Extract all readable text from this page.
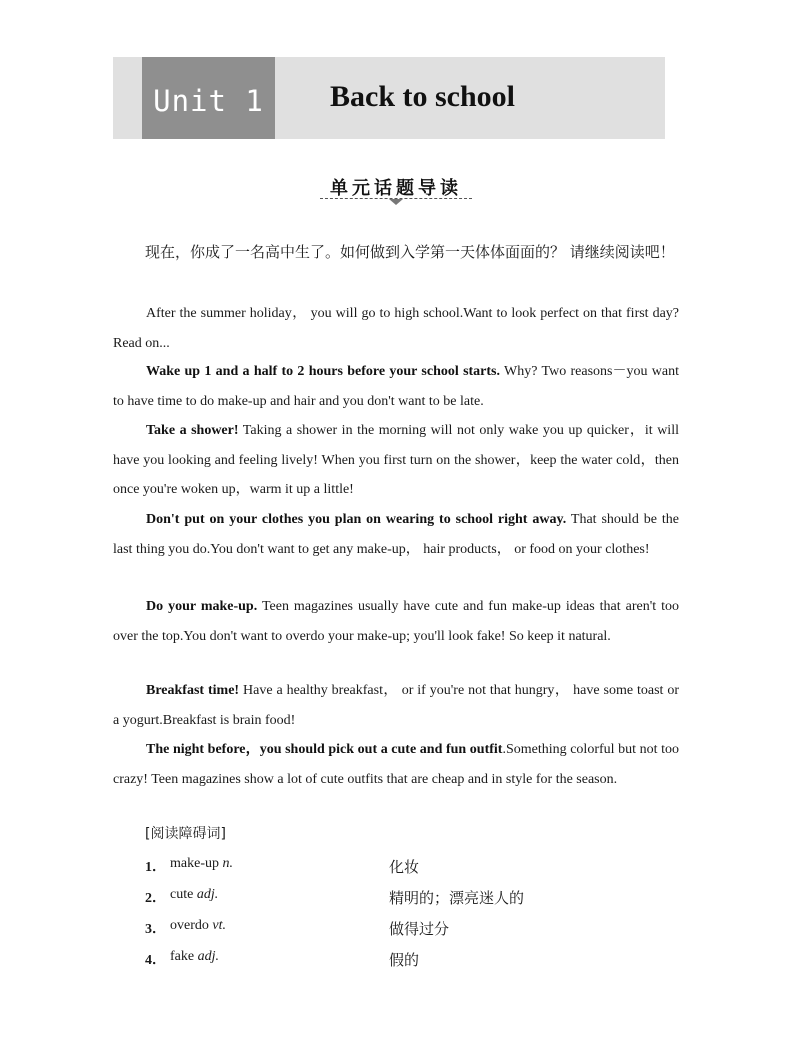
Unit 1	Back to school
单元话题导读

现在，你成了一名高中生了。如何做到入学第一天体体面面的？ 请继续阅读吧！

After the summer holiday， you will go to high school.Want to look perfect on that first day? Read on...

Wake up 1 and a half to 2 hours before your school starts. Why? Two reasons－you want to have time to do make-up and hair and you don't want to be late.

Take a shower! Taking a shower in the morning will not only wake you up quicker，it will have you looking and feeling lively! When you first turn on the shower，keep the water cold，then once you're woken up，warm it up a little!

Don't put on your clothes you plan on wearing to school right away. That should be the last thing you do.You don't want to get any make-up， hair products， or food on your clothes!

Do your make-up. Teen magazines usually have cute and fun make-up ideas that aren't too over the top.You don't want to overdo your make-up; you'll look fake! So keep it natural.

Breakfast time! Have a healthy breakfast， or if you're not that hungry， have some toast or a yogurt.Breakfast is brain food!

The night before，you should pick out a cute and fun outfit.Something colorful but not too crazy! Teen magazines show a lot of cute outfits that are cheap and in style for the season.

[阅读障碍词]
1． make-up n.	化妆
2． cute adj.	精明的；漂亮迷人的
3． overdo vt.	做得过分
4． fake adj.	假的
